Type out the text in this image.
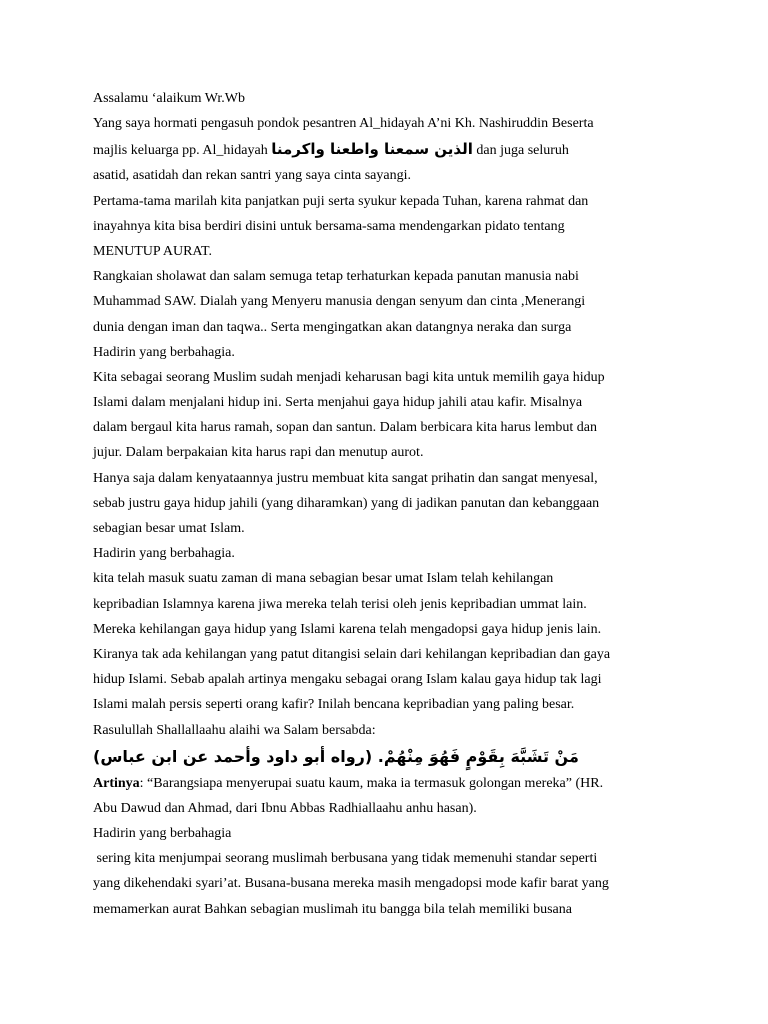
Assalamu ‘alaikum Wr.Wb
Yang saya hormati pengasuh pondok pesantren Al_hidayah A’ni Kh. Nashiruddin Beserta
majlis keluarga pp. Al_hidayah الذين سمعنا واطعنا واكرمنا dan juga seluruh
asatid, asatidah dan rekan santri yang saya cinta sayangi.
Pertama-tama marilah kita panjatkan puji serta syukur kepada Tuhan, karena rahmat dan
inayahnya kita bisa berdiri disini untuk bersama-sama mendengarkan pidato tentang
MENUTUP AURAT.
Rangkaian sholawat dan salam semuga tetap terhaturkan kepada panutan manusia nabi
Muhammad SAW. Dialah yang Menyeru manusia dengan senyum dan cinta ,Menerangi
dunia dengan iman dan taqwa.. Serta mengingatkan akan datangnya neraka dan surga
Hadirin yang berbahagia.
Kita sebagai seorang Muslim sudah menjadi keharusan bagi kita untuk memilih gaya hidup
Islami dalam menjalani hidup ini. Serta menjahui gaya hidup jahili atau kafir. Misalnya
dalam bergaul kita harus ramah, sopan dan santun. Dalam berbicara kita harus lembut dan
jujur. Dalam berpakaian kita harus rapi dan menutup aurot.
Hanya saja dalam kenyataannya justru membuat kita sangat prihatin dan sangat menyesal,
sebab justru gaya hidup jahili (yang diharamkan) yang di jadikan panutan dan kebanggaan
sebagian besar umat Islam.
Hadirin yang berbahagia.
kita telah masuk suatu zaman di mana sebagian besar umat Islam telah kehilangan
kepribadian Islamnya karena jiwa mereka telah terisi oleh jenis kepribadian ummat lain.
Mereka kehilangan gaya hidup yang Islami karena telah mengadopsi gaya hidup jenis lain.
Kiranya tak ada kehilangan yang patut ditangisi selain dari kehilangan kepribadian dan gaya
hidup Islami. Sebab apalah artinya mengaku sebagai orang Islam kalau gaya hidup tak lagi
Islami malah persis seperti orang kafir? Inilah bencana kepribadian yang paling besar.
Rasulullah Shallallaahu alaihi wa Salam bersabda:
مَنْ تَشَبَّهَ بِقَوْمٍ فَهُوَ مِنْهُمْ. (رواه أبو داود وأحمد عن ابن عباس)
Artinya: “Barangsiapa menyerupai suatu kaum, maka ia termasuk golongan mereka” (HR.
Abu Dawud dan Ahmad, dari Ibnu Abbas Radhiallaahu anhu hasan).
Hadirin yang berbahagia
sering kita menjumpai seorang muslimah berbusana yang tidak memenuhi standar seperti
yang dikehendaki syari’at. Busana-busana mereka masih mengadopsi mode kafir barat yang
memamerkan aurat Bahkan sebagian muslimah itu bangga bila telah memiliki busana
